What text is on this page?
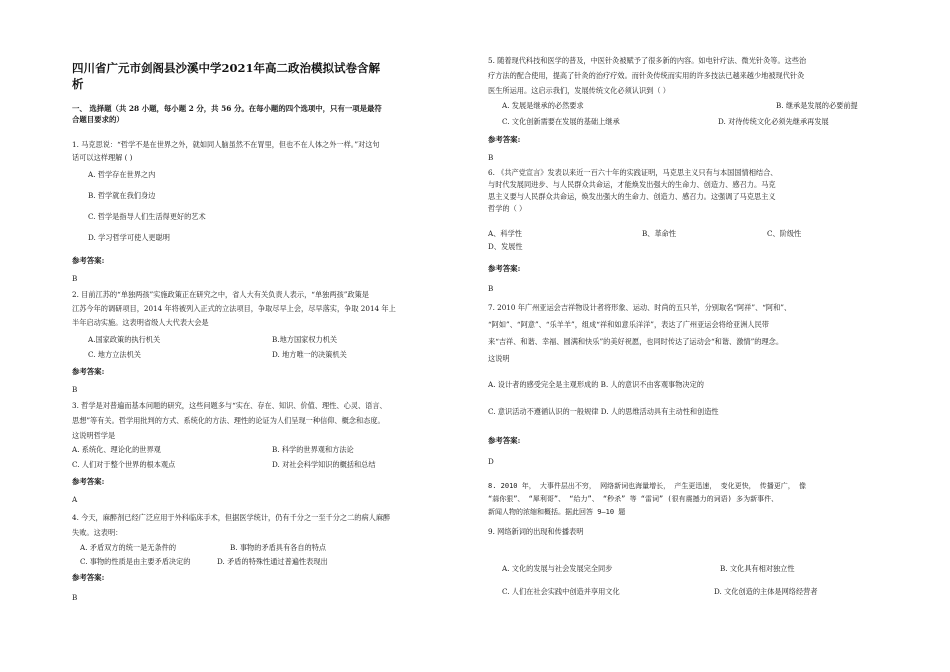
四川省广元市剑阁县沙溪中学2021年高二政治模拟试卷含解
析
一、 选择题（共 28 小题，每小题 2 分，共 56 分。在每小题的四个选项中，只有一项是最符
合题目要求的）
1. 马克思说：“哲学不是在世界之外，就如同人脑虽然不在胃里，但也不在人体之外一样。”对这句
话可以这样理解 ( )
A. 哲学存在世界之内
B. 哲学就在我们身边
C. 哲学是指导人们生活得更好的艺术
D. 学习哲学可使人更聪明
参考答案:
B
2. 目前江苏的“单独两孩”实施政策正在研究之中，省人大有关负责人表示，“单独两孩”政策是
江苏今年的调研项目，2014 年将被列入正式的立法项目，争取尽早上会，尽早落实，争取 2014 年上
半年启动实施。这表明省级人大代表大会是
A.国家政策的执行机关	B.地方国家权力机关
C. 地方立法机关	D. 地方唯一的决策机关
参考答案:
B
3. 哲学是对普遍而基本问题的研究，这些问题多与“实在、存在、知识、价值、理性、心灵、语言、
思想”等有关。哲学用批判的方式、系统化的方法、理性的论证为人们呈现一种信仰、概念和态度。
这说明哲学是
A. 系统化、理论化的世界观	B. 科学的世界观和方法论
C. 人们对于整个世界的根本观点	D. 对社会科学知识的概括和总结
参考答案:
A
4. 今天，麻醉剂已经广泛应用于外科临床手术，但据医学统计，仍有千分之一至千分之二的病人麻醉
失败。这表明：
A. 矛盾双方的统一是无条件的	B. 事物的矛盾具有各自的特点
C. 事物的性质是由主要矛盾决定的	D. 矛盾的特殊性通过普遍性表现出
参考答案:
B
5. 随着现代科技和医学的普及，中医针灸被赋予了很多新的内容。如电针疗法、微光针灸等。这些治
疗方法的配合使用，提高了针灸的治疗疗效。而针灸传统而实用的许多技法已越来越少地被现代针灸
医生所运用。这启示我们，发展传统文化必须认识到（ ）
A. 发展是继承的必然要求	B. 继承是发展的必要前提
C. 文化创新需要在发展的基础上继承	D. 对待传统文化必须先继承再发展
参考答案:
B
6. 《共产党宣言》发表以来近一百六十年的实践证明，马克思主义只有与本国国情相结合、
与时代发展同进步、与人民群众共命运，才能焕发出强大的生命力、创造力、感召力。马克
思主义要与人民群众共命运，焕发出强大的生命力、创造力、感召力。这强调了马克思主义
哲学的（ ）
A、科学性	B、革命性	C、阶级性
D、发展性
参考答案:
B
7. 2010 年广州亚运会吉祥物设计者将形象、运动、时尚的五只羊，分别取名“阿祥”、“阿和”、
“阿如”、“阿意”、“乐羊羊”，组成“祥和如意乐洋洋”，表达了广州亚运会将给亚洲人民带
来“吉祥、和谐、幸福、圆满和快乐”的美好祝愿，也同时传达了运动会“和谐、激情”的理念。
这说明
A. 设计者的感受完全是主观形成的 B. 人的意识不由客观事物决定的
C. 意识活动不遵循认识的一般规律 D. 人的思维活动具有主动性和创造性
参考答案:
D
8. 2010 年， 大事件层出不穷， 网络新词也海量增长， 产生更迅速， 变化更快， 传播更广， 像
“蒜你狠”、 “犀利哥”、 “给力”、 “秒杀” 等 “雷词” (很有震撼力的词语) 多为新事件、
新闻人物的浓缩和概括。据此回答 9—10 题
9. 网络新词的出现和传播表明
A. 文化的发展与社会发展完全同步	B. 文化具有相对独立性
C. 人们在社会实践中创造并享用文化	D. 文化创造的主体是网络经营者
